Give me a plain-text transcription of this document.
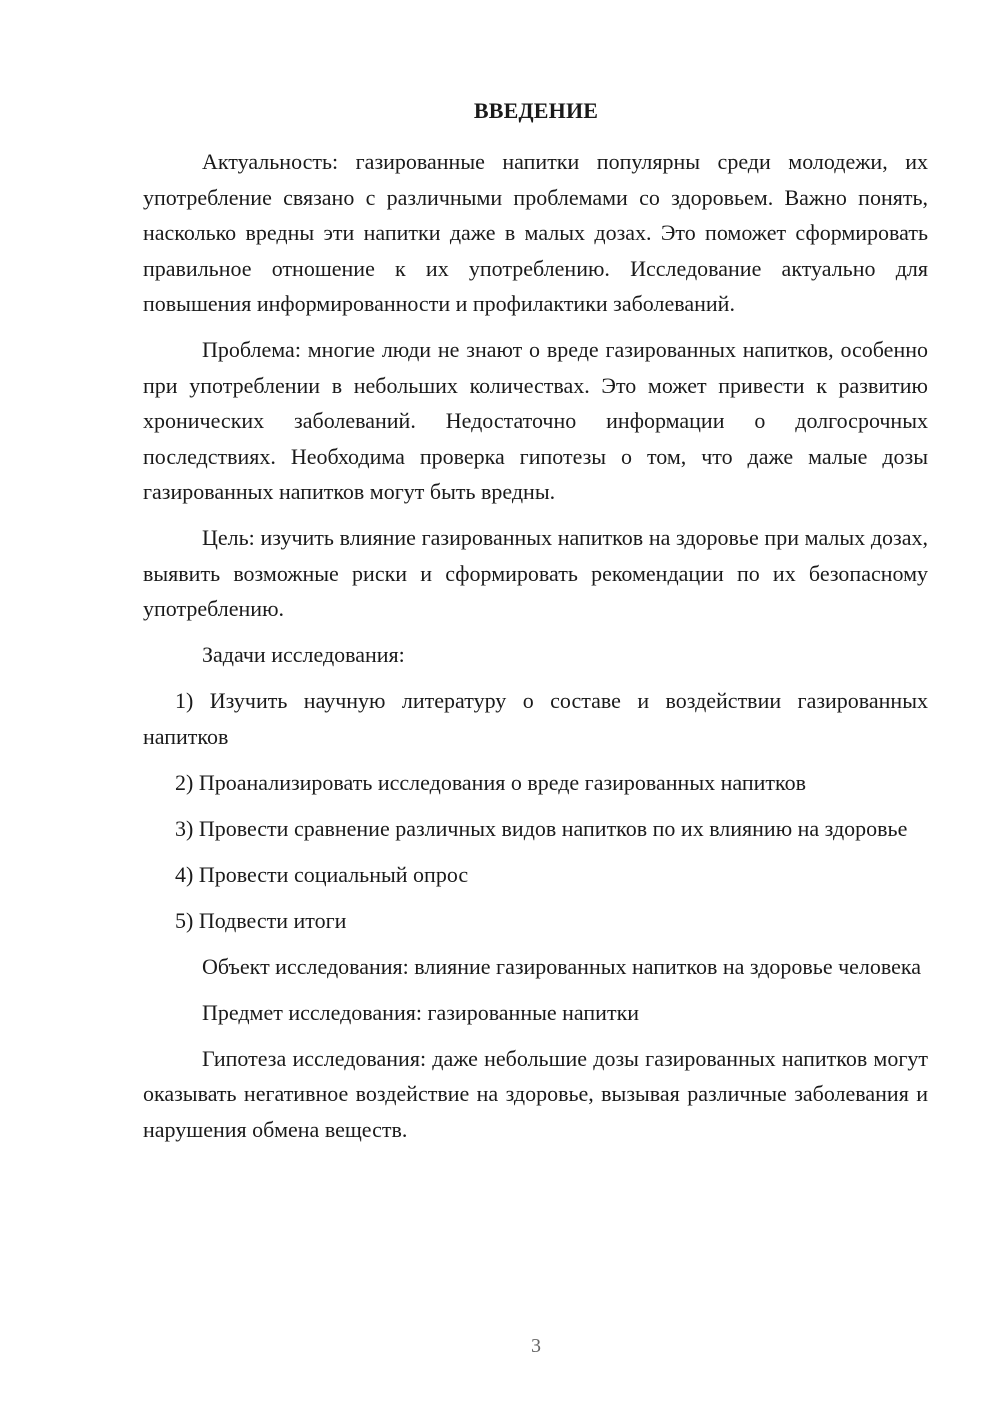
ВВЕДЕНИЕ

Актуальность: газированные напитки популярны среди молодежи, их употребление связано с различными проблемами со здоровьем. Важно понять, насколько вредны эти напитки даже в малых дозах. Это поможет сформировать правильное отношение к их употреблению. Исследование актуально для повышения информированности и профилактики заболеваний.

Проблема: многие люди не знают о вреде газированных напитков, особенно при употреблении в небольших количествах. Это может привести к развитию хронических заболеваний. Недостаточно информации о долгосрочных последствиях. Необходима проверка гипотезы о том, что даже малые дозы газированных напитков могут быть вредны.

Цель: изучить влияние газированных напитков на здоровье при малых дозах, выявить возможные риски и сформировать рекомендации по их безопасному употреблению.

Задачи исследования:

1) Изучить научную литературу о составе и воздействии газированных напитков

2) Проанализировать исследования о вреде газированных напитков

3) Провести сравнение различных видов напитков по их влиянию на здоровье

4) Провести социальный опрос

5) Подвести итоги

Объект исследования: влияние газированных напитков на здоровье человека

Предмет исследования: газированные напитки

Гипотеза исследования: даже небольшие дозы газированных напитков могут оказывать негативное воздействие на здоровье, вызывая различные заболевания и нарушения обмена веществ.

3
